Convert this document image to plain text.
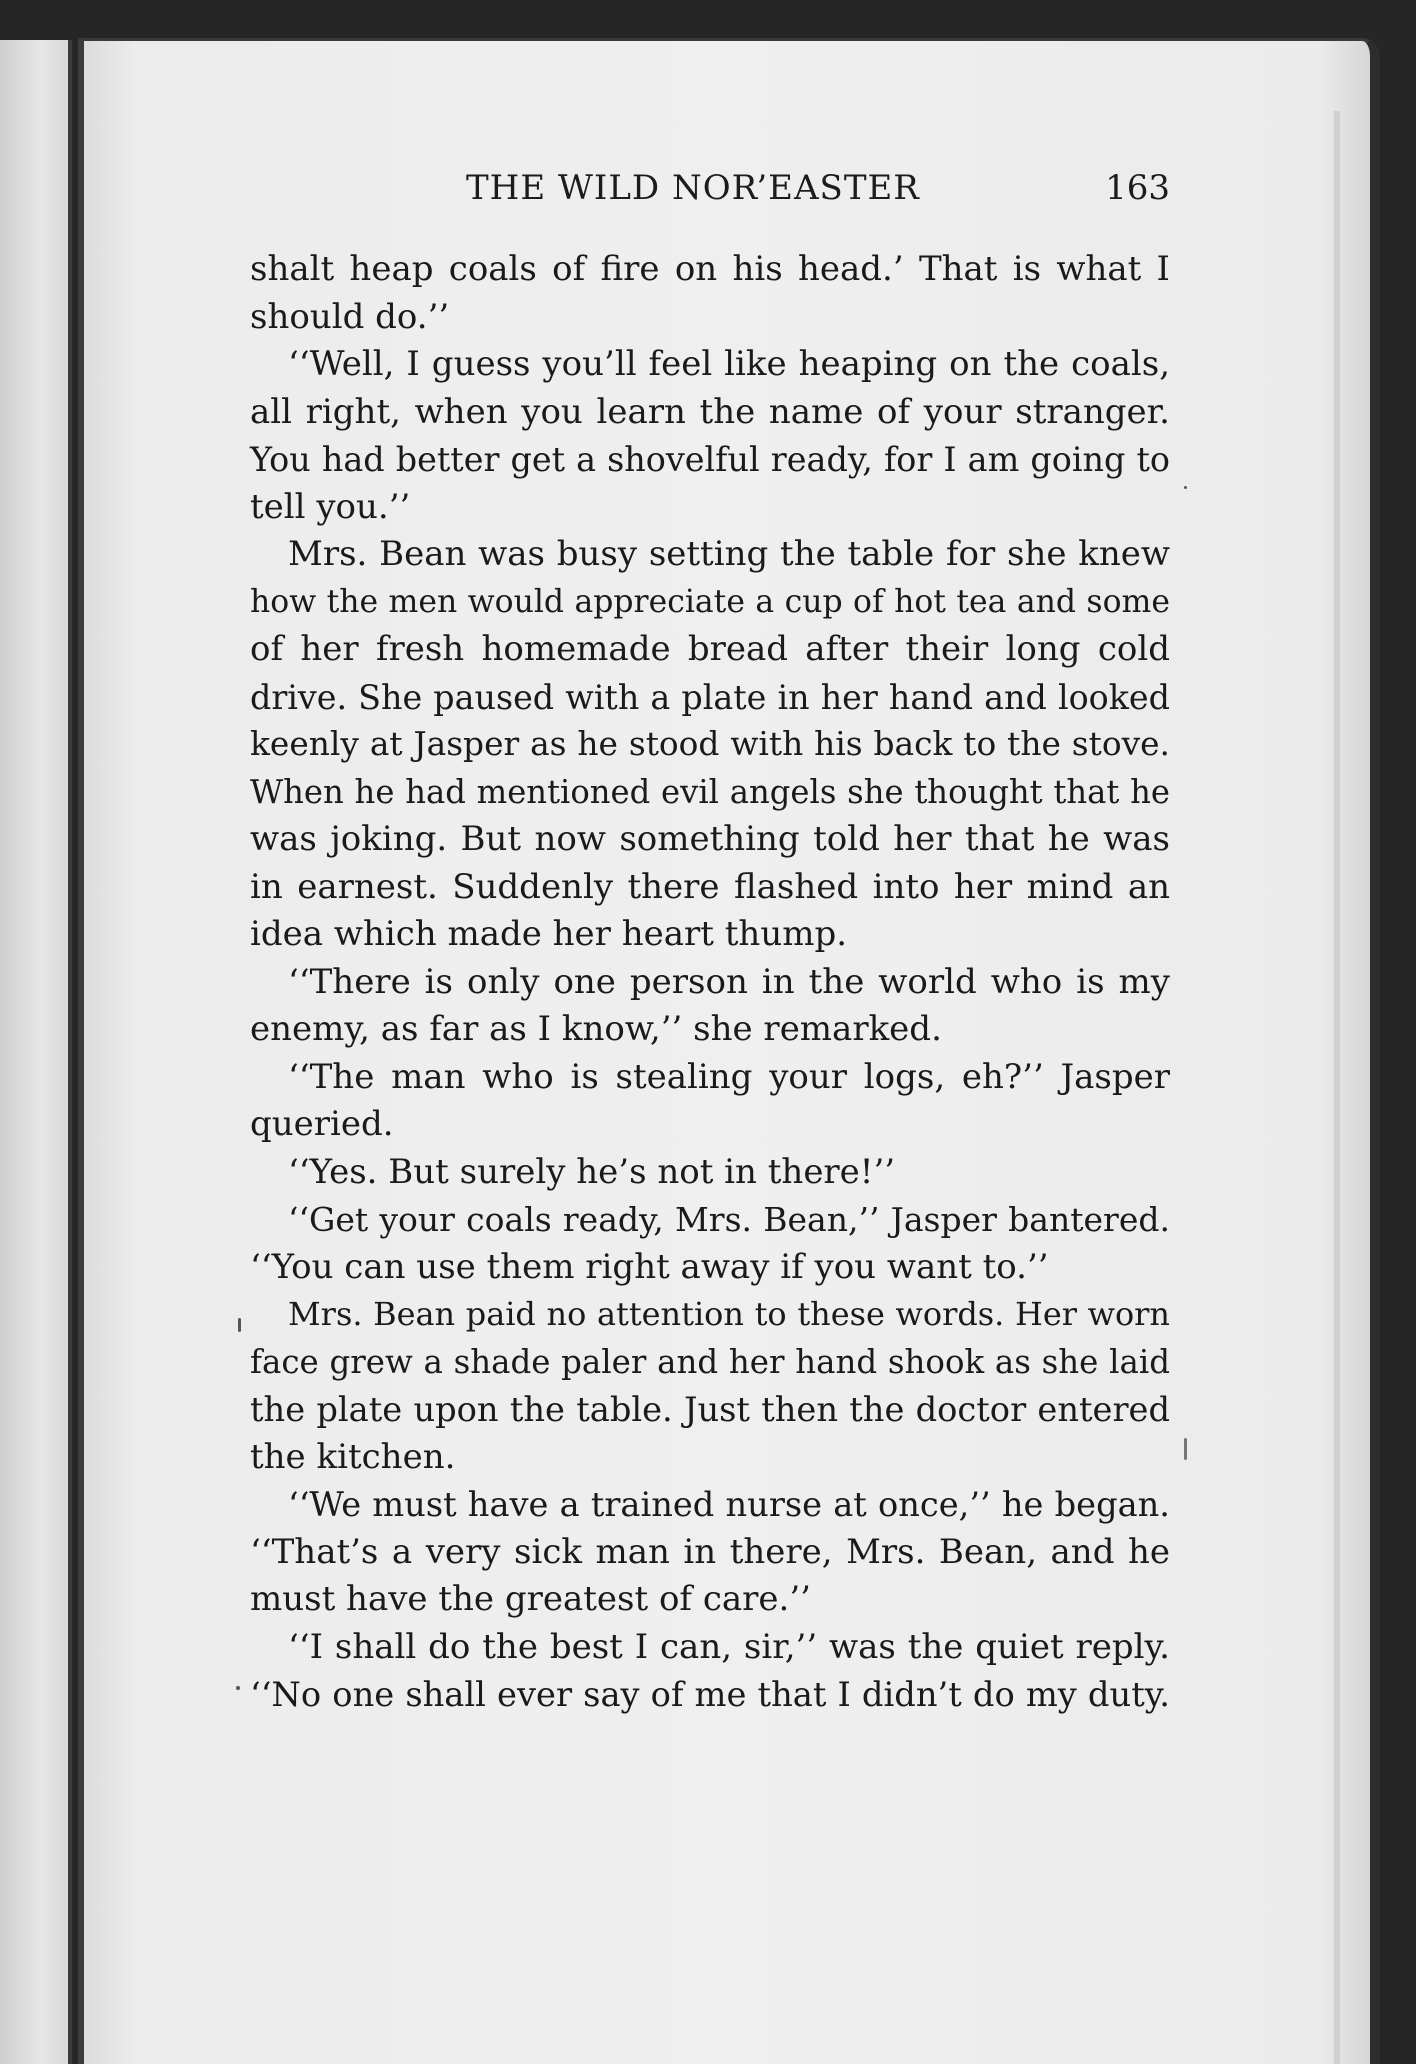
THE WILD NOR’EASTER	163
shalt heap coals of fire on his head.’ That is what I
should do.’’
‘‘Well, I guess you’ll feel like heaping on the coals,
all right, when you learn the name of your stranger.
You had better get a shovelful ready, for I am going to
tell you.’’
Mrs. Bean was busy setting the table for she knew
how the men would appreciate a cup of hot tea and some
of her fresh homemade bread after their long cold
drive. She paused with a plate in her hand and looked
keenly at Jasper as he stood with his back to the stove.
When he had mentioned evil angels she thought that he
was joking. But now something told her that he was
in earnest. Suddenly there flashed into her mind an
idea which made her heart thump.
‘‘There is only one person in the world who is my
enemy, as far as I know,’’ she remarked.
‘‘The man who is stealing your logs, eh?’’ Jasper
queried.
‘‘Yes. But surely he’s not in there!’’
‘‘Get your coals ready, Mrs. Bean,’’ Jasper bantered.
‘‘You can use them right away if you want to.’’
Mrs. Bean paid no attention to these words. Her worn
face grew a shade paler and her hand shook as she laid
the plate upon the table. Just then the doctor entered
the kitchen.
‘‘We must have a trained nurse at once,’’ he began.
‘‘That’s a very sick man in there, Mrs. Bean, and he
must have the greatest of care.’’
‘‘I shall do the best I can, sir,’’ was the quiet reply.
‘‘No one shall ever say of me that I didn’t do my duty.
